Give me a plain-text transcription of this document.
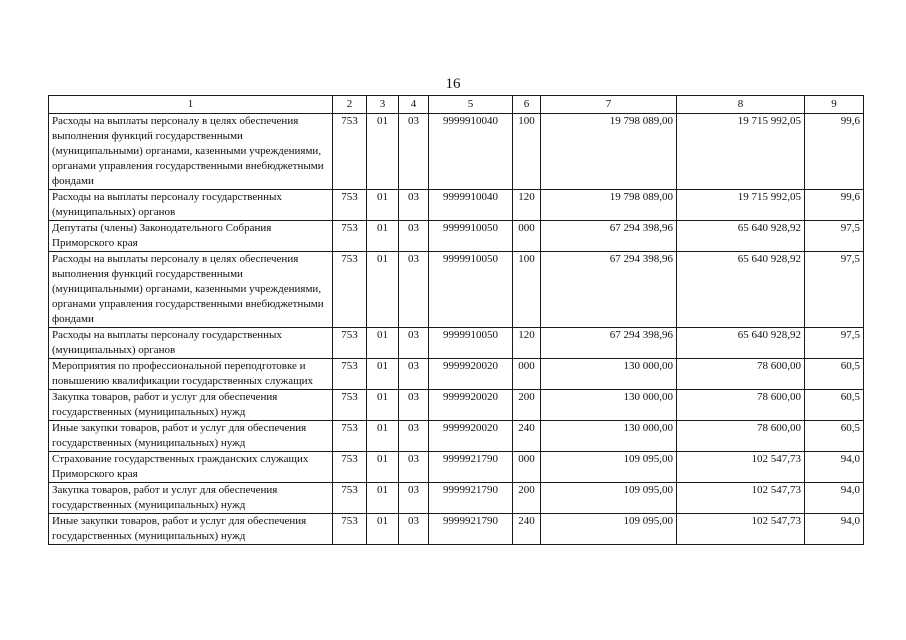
16
1	2	3	4	5	6	7	8	9
Расходы на выплаты персоналу в целях обеспечения выполнения функций государственными (муниципальными) органами, казенными учреждениями, органами управления государственными внебюджетными фондами	753	01	03	9999910040	100	19 798 089,00	19 715 992,05	99,6
Расходы на выплаты персоналу государственных (муниципальных) органов	753	01	03	9999910040	120	19 798 089,00	19 715 992,05	99,6
Депутаты (члены) Законодательного Собрания Приморского края	753	01	03	9999910050	000	67 294 398,96	65 640 928,92	97,5
Расходы на выплаты персоналу в целях обеспечения выполнения функций государственными (муниципальными) органами, казенными учреждениями, органами управления государственными внебюджетными фондами	753	01	03	9999910050	100	67 294 398,96	65 640 928,92	97,5
Расходы на выплаты персоналу государственных (муниципальных) органов	753	01	03	9999910050	120	67 294 398,96	65 640 928,92	97,5
Мероприятия по профессиональной переподготовке и повышению квалификации государственных служащих	753	01	03	9999920020	000	130 000,00	78 600,00	60,5
Закупка товаров, работ и услуг для обеспечения государственных (муниципальных) нужд	753	01	03	9999920020	200	130 000,00	78 600,00	60,5
Иные закупки товаров, работ и услуг для обеспечения государственных (муниципальных) нужд	753	01	03	9999920020	240	130 000,00	78 600,00	60,5
Страхование государственных гражданских служащих Приморского края	753	01	03	9999921790	000	109 095,00	102 547,73	94,0
Закупка товаров, работ и услуг для обеспечения государственных (муниципальных) нужд	753	01	03	9999921790	200	109 095,00	102 547,73	94,0
Иные закупки товаров, работ и услуг для обеспечения государственных (муниципальных) нужд	753	01	03	9999921790	240	109 095,00	102 547,73	94,0
